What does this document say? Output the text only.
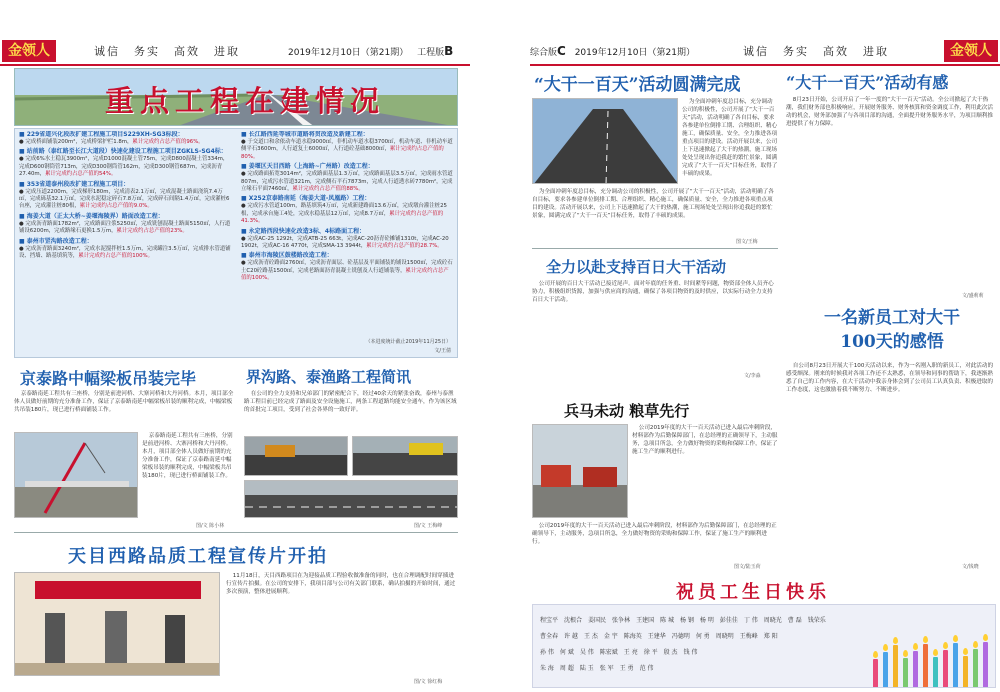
金领人	诚信 务实 高效 进取	2019年12月10日（第21期） 工程版B
重点工程在建情况
■ 229省道兴化段改扩建工程施工项目S229XH-SG3标段：
● 完成桥面铺装200m²，完成桥梁护栏1.8m，累计完成约占总产值的96%。
■ 站前路（泰红路至长江大道段）快速化建设工程施工项目ZGKLS-SG4标：
● 完成6%水土稳瓦3900m²，完成D1000混凝土管75m，完成D800混凝土管334m，完成D600钢筒管713m，完成D300钢筒管162m，完成D300钢管687m，完成沥青27.40m，累计完成约占总产值的54%。
■ 353省道泰州段改扩建工程施工项目：
● 完成压道2200m，完成梯形180m，完成清表2.1万㎡，完成混凝土路面浇筑7.4万㎡，完成砾基32.1万㎡，完成水泥稳定碎石7.8万㎡，完成碎石间隔1.4万㎡，完成灌桩6台座，完成灌注桩80根，累计完成约占总产值的9.0%。
■ 海姜大道（正太大桥~姜堰海陵界）路面改造工程：
● 完成沥青路面1782m²，完成路面注浆5250㎡，完成铣刨混凝土路面5150㎡，人行道铺设6200m，完成路缘石更换1.5万m，累计完成约占总产值的23%。
■ 泰州市罡沟路改造工程：
● 完成沥青路面3240m²，完成水泥搅拌桩1.5万m，完成罐注3.5万㎡，完成排水管道铺设、挡墙、路基填筑等，累计完成约占总产值的100%。
■ 长江路西延等城市道路将贯改造及新建工程：
● 于交道口和余依动车道水稳9000㎡，非机动车道水稳3700㎡，机动车道、非机动车道侧平石3600m，人行道复土6000㎡，人行道砼基础8000㎡，累计完成约占总产值的80%。
■ 姜堰区天目西路（上海路~广州路）改造工程：
● 完成路面拓宽3014m²，完成路面基层1.3万㎡，完成路面基层3.5万㎡，完成雨水管道807m，完成污水管道321m，完成侧石平石7873m，完成人行道透水砖7780m²，完成立缘石平面7460㎡，累计完成约占总产值的88%。
■ X252京泰路南延（海姜大道-凤凰路）工程：
● 完成污水管道100m，路基填筑4万㎡，完成新建路面13.6万㎡，完成墩台灌注桩25根，完成承台施工4处，完成水稳基层12万㎡，完成8.7万㎡，累计完成约占总产值的41.3%。
■ 永定路西段快速化改造3标、4标路面工程：
● 完成AC-25 1292t，完成ATB-25 663t，完成AC-20沥青砼摊铺1310t，完成AC-20 1902t，完成AC-16 4770t，完成SMA-13 3944t，累计完成约占总产值的28.7%。
■ 泰州市海陵区鼓楼路改造工程：
● 完成沥青砼路面2760㎡，完成沥青面层、砼基层及平面铺装的铺设1500㎡，完成砼石土C20砼路基1500㎡，完成老路面沥青混凝土铣刨及人行道铺装等，累计完成约占总产值的100%。
（本进度统计截止2019年11月25日）
文/王倩
京泰路中幅梁板吊装完毕
京泰路南延工程共有三座桥，分别是前进河桥、大寨河桥和大丹河桥。本月，项目部全体人员做好前期的充分准备工作，保证了京泰路南延中幅梁板吊装的顺利完成，中幅梁板共吊装180片，现已进行桥面铺装工作。
京泰路南延工程共有三座桥，分别是前进河桥、大寨河桥和大丹河桥。本月，项目部全体人员做好前期的充分准备工作，保证了京泰路南延中幅梁板吊装的顺利完成，中幅梁板共吊装180片，现已进行桥面铺装工作。
图/文 陈小林
界沟路、泰渔路工程简讯
在公司的全力支持和兄弟部门的紧密配合下，经过40余天的紧张奋战，泰州与泰渔路工程目前已经完成了路面及安全设施施工，两条工程道路均能安全通车，作为该区域的首批完工项目，受到了社会各界的一致好评。
图/文 王梅峰
天目西路品质工程宣传片开拍
11月18日，天目西路项目在为迎接品质工程验收做准备的同时，也在合理调配时间穿插进行宣传片拍摄。在公司的安排下，我项目部与公司有关部门联系，确认拍摄的开始时间，通过多次预演，整体进展顺利。
图/文 徐红梅
综合版C 2019年12月10日（第21期）	诚信 务实 高效 进取	金领人
“大干一百天”活动圆满完成
为全面冲刺年度总目标，充分调动公司的积极性，公司开展了“大干一百天”活动，活动明确了各自目标，要求各参建单位倒排工期、合理组织、精心施工，确保质量、安全，全力推进各项重点项目的建设。活动开展以来，公司上下迅速掀起了大干的热潮，施工现场处处呈现出你追我赶的繁忙景象，圆满完成了“大干一百天”目标任务，取得了丰硕的成果。
为全面冲刺年度总目标，充分调动公司的积极性，公司开展了“大干一百天”活动，活动明确了各自目标，要求各参建单位倒排工期、合理组织、精心施工，确保质量、安全，全力推进各项重点项目的建设。活动开展以来，公司上下迅速掀起了大干的热潮，施工现场处处呈现出你追我赶的繁忙景象，圆满完成了“大干一百天”目标任务，取得了丰硕的成果。
图文/王梅
“大干一百天”活动有感
8月23日开始，公司开启了一年一度的“大干一百天”活动。全公司掀起了大干热潮，我们财务部也积极响应，开展财务服务、财务核算和资金调度工作，利用此次活动的机会，财务部加强了与各项目部的沟通，全面提升财务服务水平，为项目顺利推进提供了有力保障。
文/盛莉莉
全力以赴支持百日大干活动
公司开展的百日大干活动已接近尾声。面对年底的任务重、时间紧等问题，物资部全体人员齐心协力，积极组织货源，加强与供应商的沟通，确保了各项目物资的及时供应，以实际行动全力支持百日大干活动。
文/李淼
兵马未动 粮草先行
公司2019年度的大干一百天活动已进入最后冲刺阶段，材料部作为后勤保障部门，在总经理的正确领导下，主动服务，急项目所急，全力做好物资的采购和保障工作，保证了施工生产的顺利进行。
公司2019年度的大干一百天活动已进入最后冲刺阶段，材料部作为后勤保障部门，在总经理的正确领导下，主动服务，急项目所急，全力做好物资的采购和保障工作，保证了施工生产的顺利进行。
图文/陆玉荷
一名新员工对大干
100天的感悟
自公司8月23日开展大干100天活动以来，作为一名刚入职的新员工，对此活动的感受颇深。刚来的时候我对各项工作还不太熟悉，在领导和同事的帮助下，我逐渐熟悉了自己的工作内容，在大干活动中我亲身体会到了公司员工认真负责、积极进取的工作态度，这也激励着我不断努力、不断进步。
文/钱晓
祝员工生日快乐
程宝平 沈根合 姜国民 张争林 王建国 陈 城 杨 钢 杨 明 彭佳佳 丁 伟 周晓光 曹 磊 钱荣乐
曹全春 许 越 王 杰 金 宇 陈海英 王建华 冯德明 何 勇 周晓明 王梅峰 郑 阳
孙 伟 何 斌 吴 伟 陈宏斌 王 亮 徐 平 殷 杰 钱 伟
朱 海 周 超 陆 玉 张 军 王 勇 范 伟
